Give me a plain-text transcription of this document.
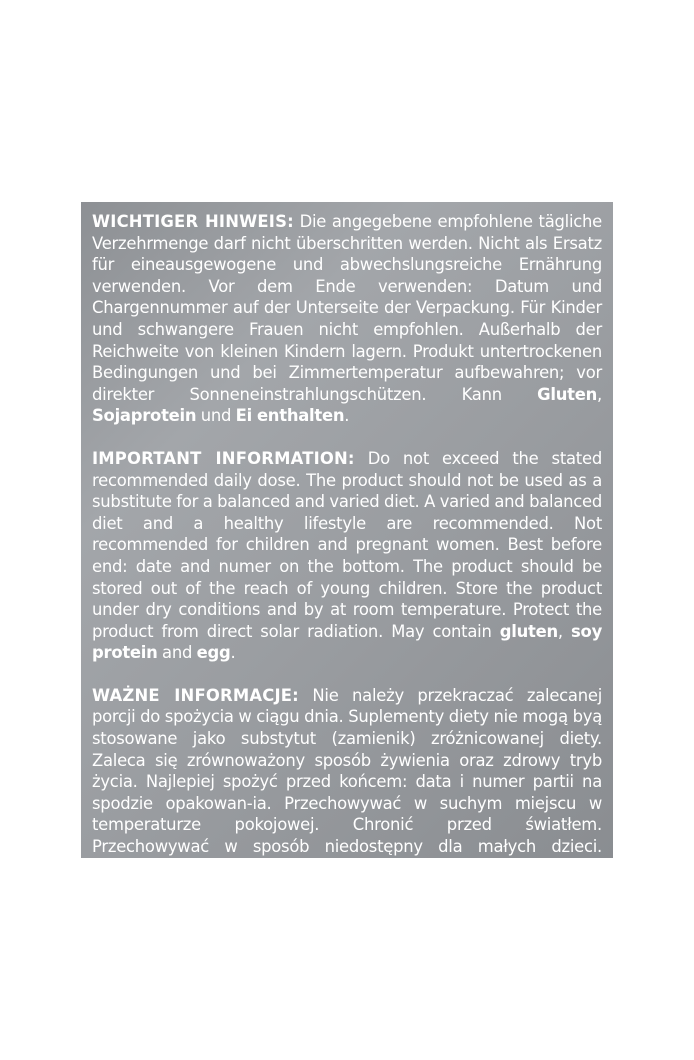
WICHTIGER HINWEIS: Die angegebene empfohlene tägliche Verzehrmenge darf nicht überschritten werden. Nicht als Ersatz für eineausgewogene und abwechslungsreiche Ernährung verwenden. Vor dem Ende verwenden: Datum und Chargennummer auf der Unterseite der Verpackung. Für Kinder und schwangere Frauen nicht empfohlen. Außerhalb der Reichweite von kleinen Kindern lagern. Produkt untertrockenen Bedingungen und bei Zimmertemperatur aufbewahren; vor direkter Sonneneinstrahlungschützen. Kann Gluten, Sojaprotein und Ei enthalten.

IMPORTANT INFORMATION: Do not exceed the stated recommended daily dose. The product should not be used as a substitute for a balanced and varied diet. A varied and balanced diet and a healthy lifestyle are recommended. Not recommended for children and pregnant women. Best before end: date and numer on the bottom. The product should be stored out of the reach of young children. Store the product under dry conditions and by at room temperature. Protect the product from direct solar radiation. May contain gluten, soy protein and egg.

WAŻNE INFORMACJE: Nie należy przekraczać zalecanej porcji do spożycia w ciągu dnia. Suplementy diety nie mogą byą stosowane jako substytut (zamienik) zróżnicowanej diety. Zaleca się zrównoważony sposób żywienia oraz zdrowy tryb życia. Najlepiej spożyć przed końcem: data i numer partii na spodzie opakowan-ia. Przechowywać w suchym miejscu w temperaturze pokojowej. Chronić przed światłem. Przechowywać w sposób niedostępny dla małych dzieci. Możliwa zawartość glutenu, białka sojowego i jaja kurzego.
